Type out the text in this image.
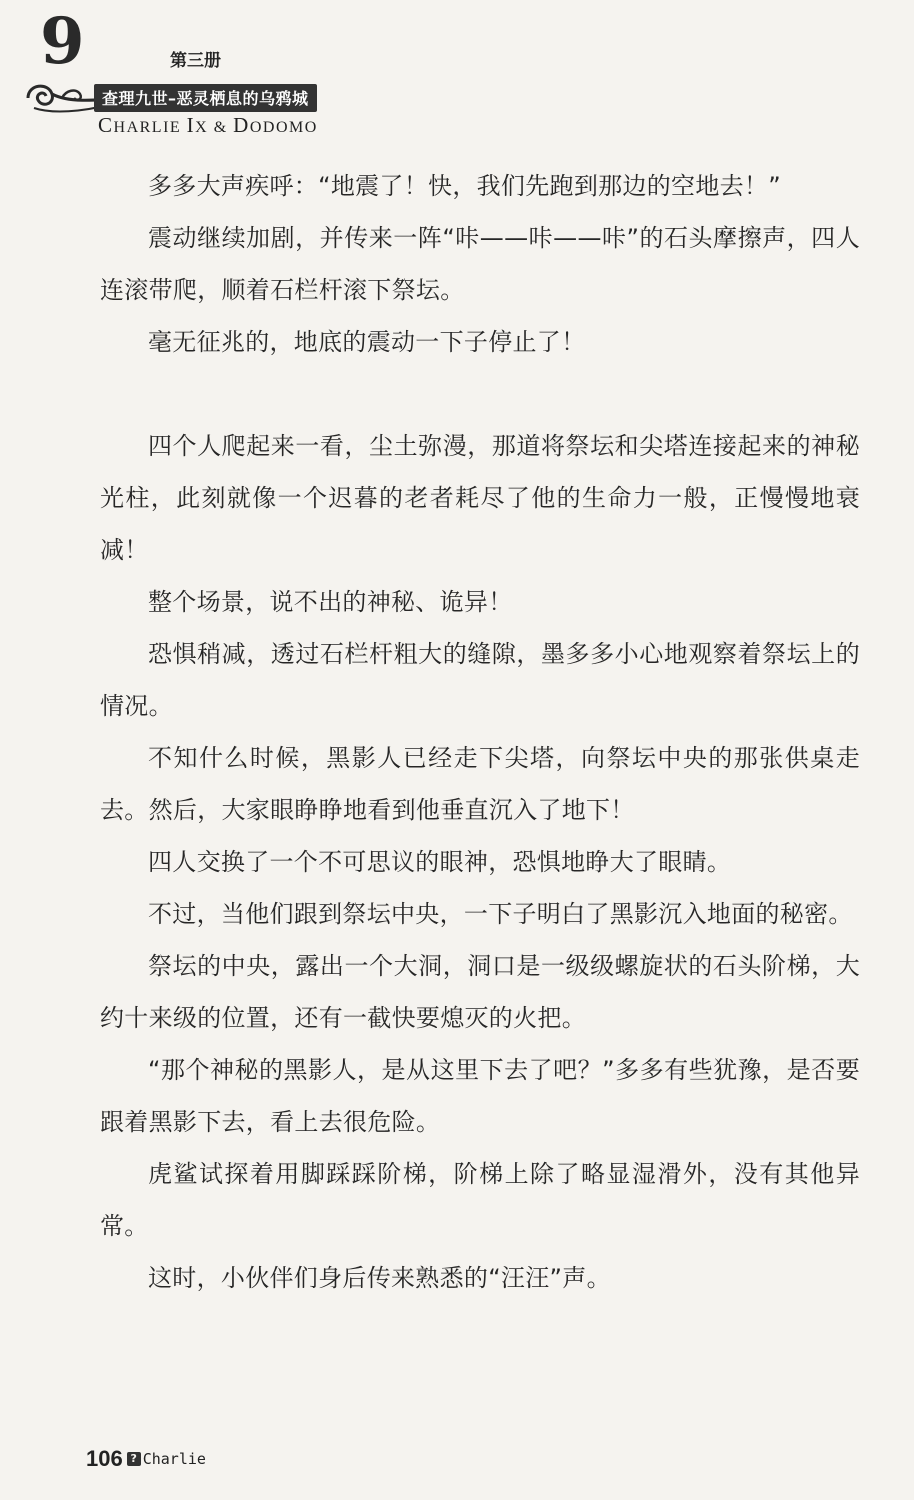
9	第三册
查理九世–恶灵栖息的乌鸦城
CHARLIE IX & DODOMO

多多大声疾呼：“地震了！快，我们先跑到那边的空地去！”

震动继续加剧，并传来一阵“咔——咔——咔”的石头摩擦声，四人连滚带爬，顺着石栏杆滚下祭坛。

毫无征兆的，地底的震动一下子停止了！

四个人爬起来一看，尘土弥漫，那道将祭坛和尖塔连接起来的神秘光柱，此刻就像一个迟暮的老者耗尽了他的生命力一般，正慢慢地衰减！

整个场景，说不出的神秘、诡异！

恐惧稍减，透过石栏杆粗大的缝隙，墨多多小心地观察着祭坛上的情况。

不知什么时候，黑影人已经走下尖塔，向祭坛中央的那张供桌走去。然后，大家眼睁睁地看到他垂直沉入了地下！

四人交换了一个不可思议的眼神，恐惧地睁大了眼睛。

不过，当他们跟到祭坛中央，一下子明白了黑影沉入地面的秘密。

祭坛的中央，露出一个大洞，洞口是一级级螺旋状的石头阶梯，大约十来级的位置，还有一截快要熄灭的火把。

“那个神秘的黑影人，是从这里下去了吧？”多多有些犹豫，是否要跟着黑影下去，看上去很危险。

虎鲨试探着用脚踩踩阶梯，阶梯上除了略显湿滑外，没有其他异常。

这时，小伙伴们身后传来熟悉的“汪汪”声。

106 ? Charlie
